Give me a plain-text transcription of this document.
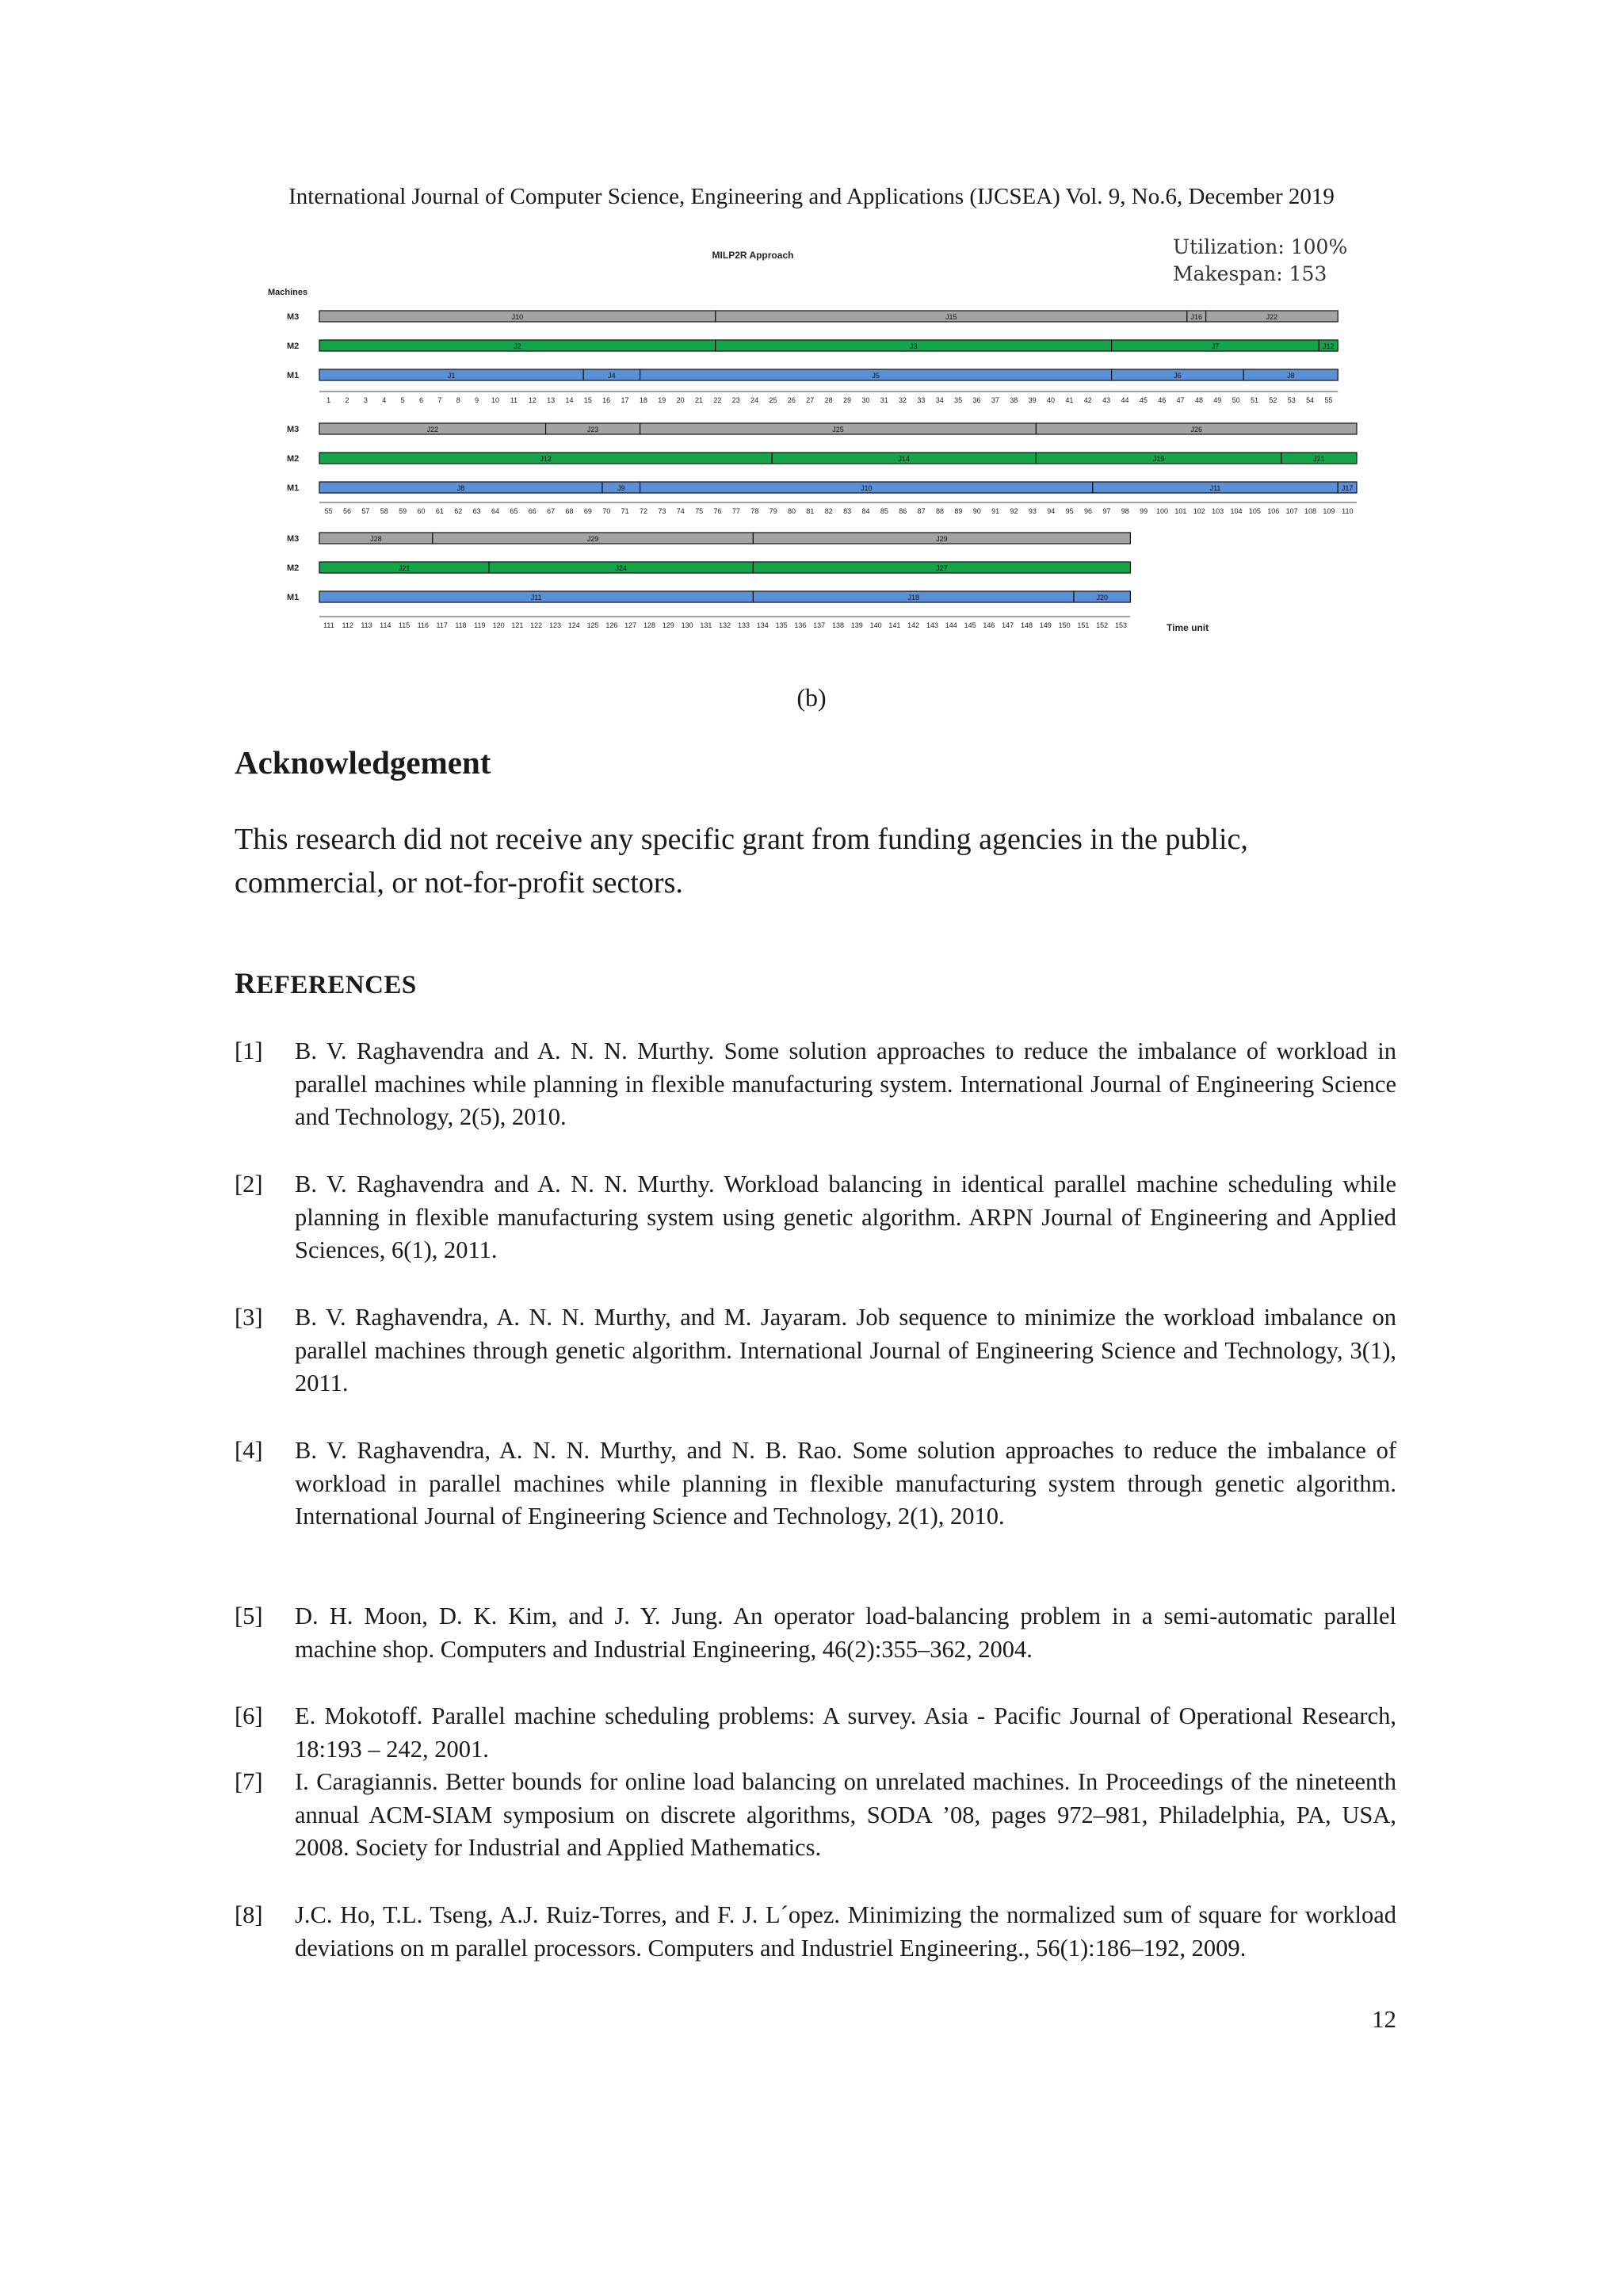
International Journal of Computer Science, Engineering and Applications (IJCSEA) Vol. 9, No.6, December 2019
MILP2R Approach	Utilization: 100%
Makespan: 153
Machines
Time unit
M3	J10	J15	J16	J22
M2	J2	J3	J7	J12
M1	J1	J4	J5	J6	J8
1 2 3 4 5 6 7 8 9 10 11 12 13 14 15 16 17 18 19 20 21 22 23 24 25 26 27 28 29 30 31 32 33 34 35 36 37 38 39 40 41 42 43 44 45 46 47 48 49 50 51 52 53 54 55
M3	J22	J23	J25	J26
M2	J12	J14	J19	J21
M1	J8	J9	J10	J11	J17
55 56 57 58 59 60 61 62 63 64 65 66 67 68 69 70 71 72 73 74 75 76 77 78 79 80 81 82 83 84 85 86 87 88 89 90 91 92 93 94 95 96 97 98 99 100 101 102 103 104 105 106 107 108 109 110
M3	J28	J29	J29
M2	J21	J24	J27
M1	J11	J18	J20
111 112 113 114 115 116 117 118 119 120 121 122 123 124 125 126 127 128 129 130 131 132 133 134 135 136 137 138 139 140 141 142 143 144 145 146 147 148 149 150 151 152 153
(b)
Acknowledgement
This research did not receive any specific grant from funding agencies in the public, commercial, or not-for-profit sectors.
REFERENCES
[1] B. V. Raghavendra and A. N. N. Murthy. Some solution approaches to reduce the imbalance of workload in parallel machines while planning in flexible manufacturing system. International Journal of Engineering Science and Technology, 2(5), 2010.
[2] B. V. Raghavendra and A. N. N. Murthy. Workload balancing in identical parallel machine scheduling while planning in flexible manufacturing system using genetic algorithm. ARPN Journal of Engineering and Applied Sciences, 6(1), 2011.
[3] B. V. Raghavendra, A. N. N. Murthy, and M. Jayaram. Job sequence to minimize the workload imbalance on parallel machines through genetic algorithm. International Journal of Engineering Science and Technology, 3(1), 2011.
[4] B. V. Raghavendra, A. N. N. Murthy, and N. B. Rao. Some solution approaches to reduce the imbalance of workload in parallel machines while planning in flexible manufacturing system through genetic algorithm. International Journal of Engineering Science and Technology, 2(1), 2010.
[5] D. H. Moon, D. K. Kim, and J. Y. Jung. An operator load-balancing problem in a semi-automatic parallel machine shop. Computers and Industrial Engineering, 46(2):355–362, 2004.
[6] E. Mokotoff. Parallel machine scheduling problems: A survey. Asia - Pacific Journal of Operational Research, 18:193 – 242, 2001.
[7] I. Caragiannis. Better bounds for online load balancing on unrelated machines. In Proceedings of the nineteenth annual ACM-SIAM symposium on discrete algorithms, SODA ’08, pages 972–981, Philadelphia, PA, USA, 2008. Society for Industrial and Applied Mathematics.
[8] J.C. Ho, T.L. Tseng, A.J. Ruiz-Torres, and F. J. L´opez. Minimizing the normalized sum of square for workload deviations on m parallel processors. Computers and Industriel Engineering., 56(1):186–192, 2009.
12
